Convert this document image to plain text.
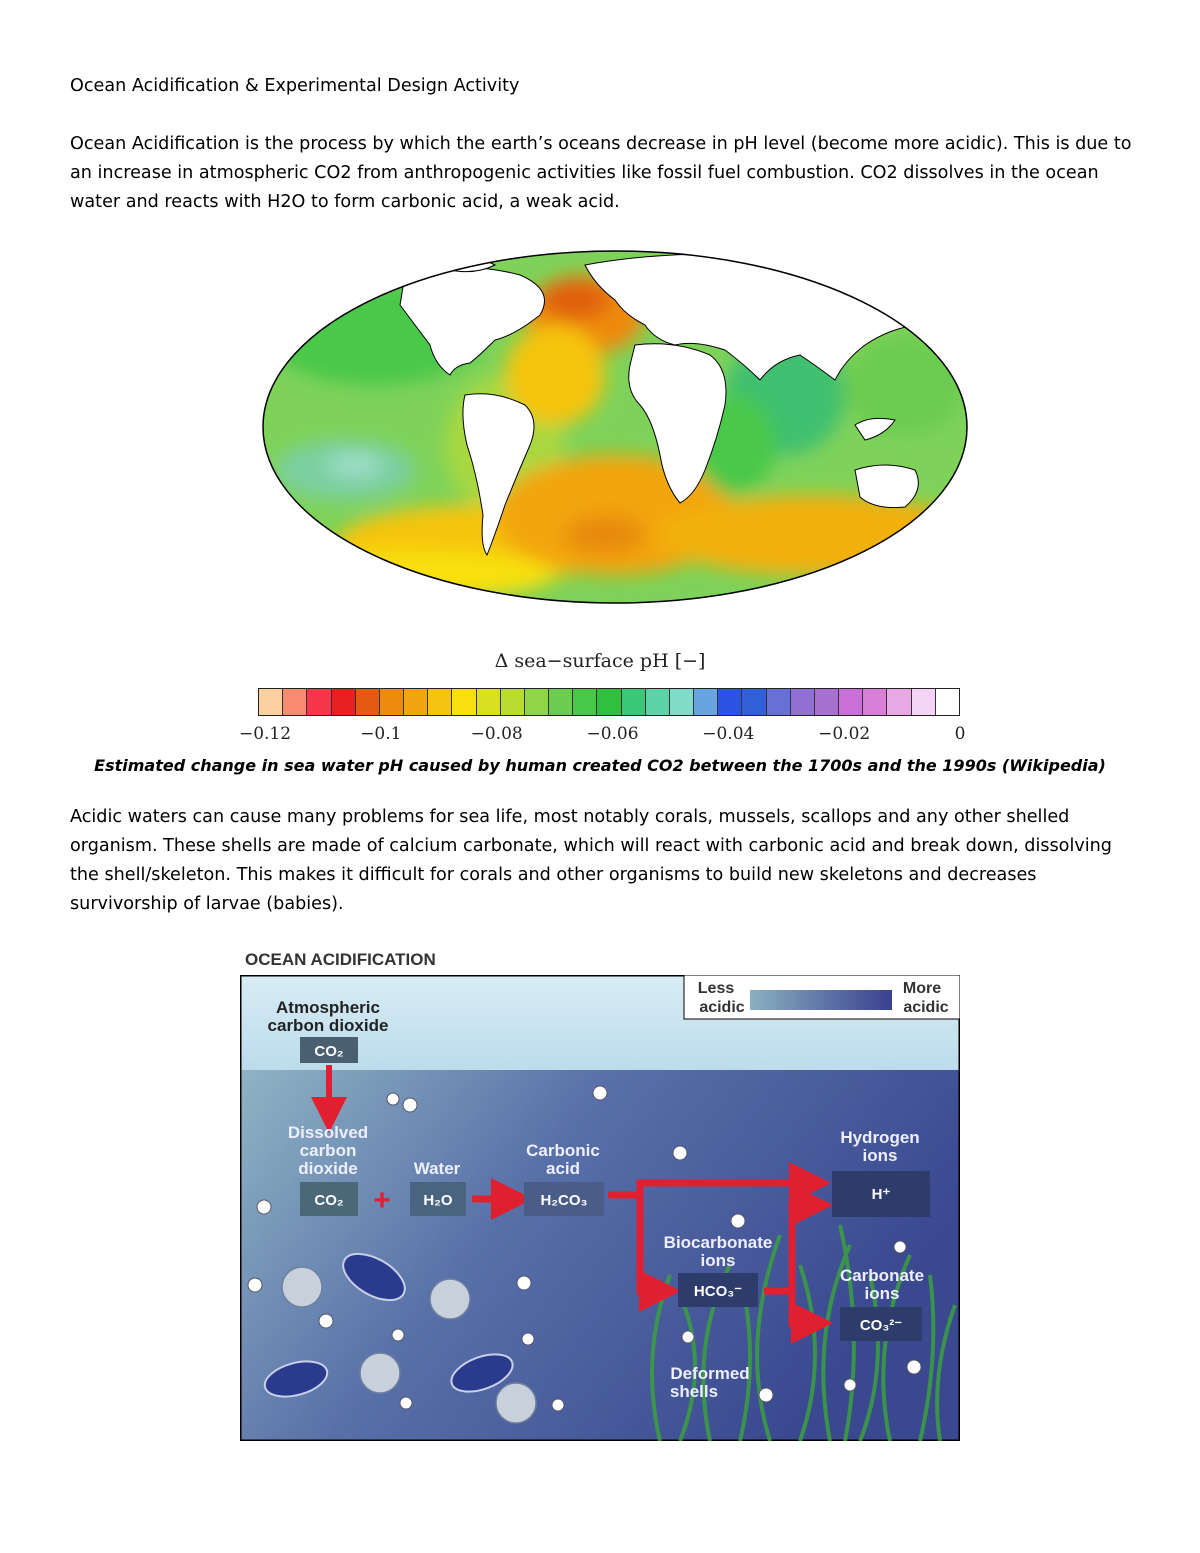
Ocean Acidification & Experimental Design Activity
Ocean Acidification is the process by which the earth’s oceans decrease in pH level (become more acidic). This is due to an increase in atmospheric CO2 from anthropogenic activities like fossil fuel combustion. CO2 dissolves in the ocean water and reacts with H2O to form carbonic acid, a weak acid.
Δ sea−surface pH [−]
−0.12	−0.1	−0.08	−0.06	−0.04	−0.02	0
Estimated change in sea water pH caused by human created CO2 between the 1700s and the 1990s (Wikipedia)
Acidic waters can cause many problems for sea life, most notably corals, mussels, scallops and any other shelled organism. These shells are made of calcium carbonate, which will react with carbonic acid and break down, dissolving the shell/skeleton. This makes it difficult for corals and other organisms to build new skeletons and decreases survivorship of larvae (babies).
OCEAN ACIDIFICATION
Less
acidic
More
acidic
Atmospheric
carbon dioxide
CO₂
Dissolved
carbon
dioxide
CO₂ +
Water
H₂O
Carbonic
acid
H₂CO₃
Hydrogen
ions
H⁺
Biocarbonate
ions
HCO₃⁻
Carbonate
ions
CO₃²⁻
Deformed
shells
